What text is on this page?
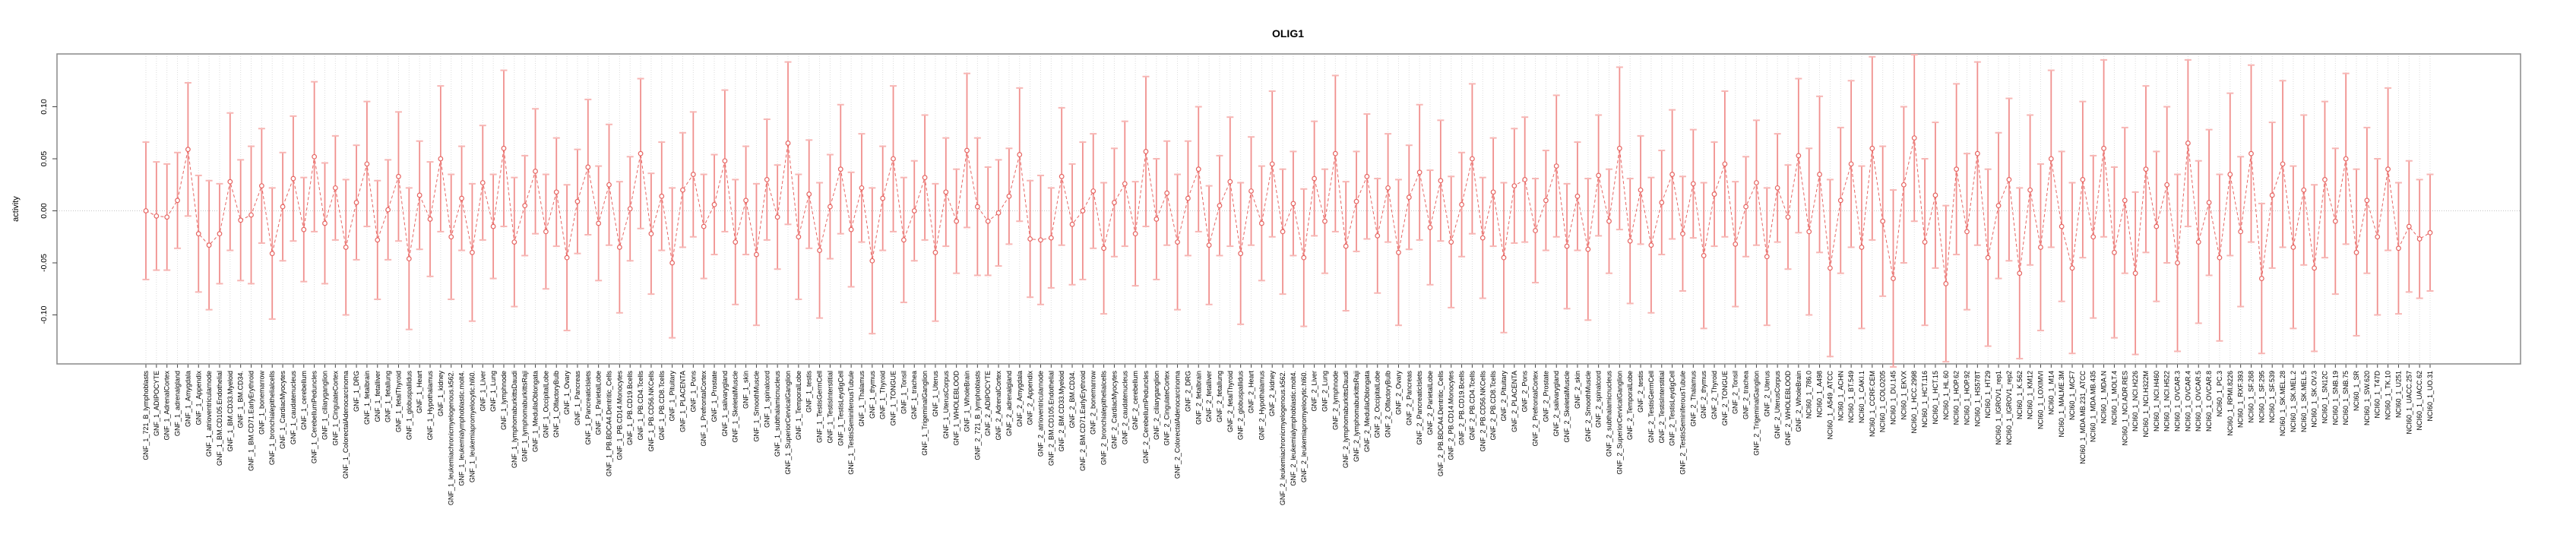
OLIG1
activity
GNF_1_721_B_lymphoblasts GNF_1_ADIPOCYTE GNF_1_AdrenalCortex GNF_1_adrenalgland GNF_1_Amygdala GNF_1_Appendix GNF_1_atrioventricularnode GNF_1_BM.CD105.Endothelial GNF_1_BM.CD33.Myeloid GNF_1_BM.CD34. GNF_1_BM.CD71.EarlyErythroid GNF_1_bonemarrow GNF_1_bronchialepithelialcells GNF_1_CardiacMyocytes GNF_1_caudatenucleus GNF_1_cerebellum GNF_1_CerebellumPeduncles GNF_1_ciliaryganglion GNF_1_CingulateCortex GNF_1_ColorectalAdenocarcinoma GNF_1_DRG GNF_1_fetalbrain GNF_1_fetalliver GNF_1_fetallung GNF_1_fetalThyroid GNF_1_globuspallidus GNF_1_Heart GNF_1_Hypothalamus GNF_1_kidney GNF_1_leukemiachronicmyelogenous.k562. GNF_1_leukemialymphoblastic.molt4. GNF_1_leukemiapromyelocytic.hl60. GNF_1_Liver GNF_1_Lung GNF_1_lymphnode GNF_1_lymphomaburkittsDaudi GNF_1_lymphomaburkittsRaji GNF_1_MedullaOblongata GNF_1_OccipitalLobe GNF_1_OlfactoryBulb GNF_1_Ovary GNF_1_Pancreas GNF_1_PancreaticIslets GNF_1_ParietalLobe GNF_1_PB.BDCA4.Dentritic_Cells GNF_1_PB.CD14.Monocytes GNF_1_PB.CD19.Bcells GNF_1_PB.CD4.Tcells GNF_1_PB.CD56.NKCells GNF_1_PB.CD8.Tcells GNF_1_Pituitary GNF_1_PLACENTA GNF_1_Pons GNF_1_PrefrontalCortex GNF_1_Prostate GNF_1_salivarygland GNF_1_SkeletalMuscle GNF_1_skin GNF_1_SmoothMuscle GNF_1_spinalcord GNF_1_subthalamicnucleus GNF_1_SuperiorCervicalGanglion GNF_1_TemporalLobe GNF_1_testis GNF_1_TestisGermCell GNF_1_TestisInterstitial GNF_1_TestisLeydigCell GNF_1_TestisSeminiferousTubule GNF_1_Thalamus GNF_1_thymus GNF_1_Thyroid GNF_1_TONGUE GNF_1_Tonsil GNF_1_trachea GNF_1_TrigeminalGanglion GNF_1_Uterus GNF_1_UterusCorpus GNF_1_WHOLEBLOOD GNF_1_WholeBrain GNF_2_721_B_lymphoblasts GNF_2_ADIPOCYTE GNF_2_AdrenalCortex GNF_2_adrenalgland GNF_2_Amygdala GNF_2_Appendix GNF_2_atrioventricularnode GNF_2_BM.CD105.Endothelial GNF_2_BM.CD33.Myeloid GNF_2_BM.CD34. GNF_2_BM.CD71.EarlyErythroid GNF_2_bonemarrow GNF_2_bronchialepithelialcells GNF_2_CardiacMyocytes GNF_2_caudatenucleus GNF_2_cerebellum GNF_2_CerebellumPeduncles GNF_2_ciliaryganglion GNF_2_CingulateCortex GNF_2_ColorectalAdenocarcinoma GNF_2_DRG GNF_2_fetalbrain GNF_2_fetalliver GNF_2_fetallung GNF_2_fetalThyroid GNF_2_globuspallidus GNF_2_Heart GNF_2_Hypothalamus GNF_2_kidney GNF_2_leukemiachronicmyelogenous.k562. GNF_2_leukemialymphoblastic.molt4. GNF_2_leukemiapromyelocytic.hl60. GNF_2_Liver GNF_2_Lung GNF_2_lymphnode GNF_2_lymphomaburkittsDaudi GNF_2_lymphomaburkittsRaji GNF_2_MedullaOblongata GNF_2_OccipitalLobe GNF_2_OlfactoryBulb GNF_2_Ovary GNF_2_Pancreas GNF_2_PancreaticIslets GNF_2_ParietalLobe GNF_2_PB.BDCA4.Dentritic_Cells GNF_2_PB.CD14.Monocytes GNF_2_PB.CD19.Bcells GNF_2_PB.CD4.Tcells GNF_2_PB.CD56.NKCells GNF_2_PB.CD8.Tcells GNF_2_Pituitary GNF_2_PLACENTA GNF_2_Pons GNF_2_PrefrontalCortex GNF_2_Prostate GNF_2_salivarygland GNF_2_SkeletalMuscle GNF_2_skin GNF_2_SmoothMuscle GNF_2_spinalcord GNF_2_subthalamicnucleus GNF_2_SuperiorCervicalGanglion GNF_2_TemporalLobe GNF_2_testis GNF_2_TestisGermCell GNF_2_TestisInterstitial GNF_2_TestisLeydigCell GNF_2_TestisSeminiferousTubule GNF_2_Thalamus GNF_2_thymus GNF_2_Thyroid GNF_2_TONGUE GNF_2_Tonsil GNF_2_trachea GNF_2_TrigeminalGanglion GNF_2_Uterus GNF_2_UterusCorpus GNF_2_WHOLEBLOOD GNF_2_WholeBrain NCI60_1_786.0 NCI60_1_A498 NCI60_1_A549_ATCC NCI60_1_ACHN NCI60_1_BT.549 NCI60_1_CAKI.1 NCI60_1_CCRF.CEM NCI60_1_COLO205 NCI60_1_DU.145 NCI60_1_EKVX NCI60_1_HCC.2998 NCI60_1_HCT.116 NCI60_1_HCT.15 NCI60_1_HL.60 NCI60_1_HOP.62 NCI60_1_HOP.92 NCI60_1_HS578T NCI60_1_HT29 NCI60_1_IGROV1_rep1 NCI60_1_IGROV1_rep2 NCI60_1_K.562 NCI60_1_KM12 NCI60_1_LOXIMVI NCI60_1_M14 NCI60_1_MALME.3M NCI60_1_MCF7 NCI60_1_MDA.MB.231_ATCC NCI60_1_MDA.MB.435 NCI60_1_MDA.N NCI60_1_MOLT.4 NCI60_1_NCI.ADR.RES NCI60_1_NCI.H226 NCI60_1_NCI.H322M NCI60_1_NCI.H460 NCI60_1_NCI.H522 NCI60_1_OVCAR.3 NCI60_1_OVCAR.4 NCI60_1_OVCAR.5 NCI60_1_OVCAR.8 NCI60_1_PC.3 NCI60_1_RPMI.8226 NCI60_1_RXF.393 NCI60_1_SF.268 NCI60_1_SF.295 NCI60_1_SF.539 NCI60_1_SK.MEL.28 NCI60_1_SK.MEL.2 NCI60_1_SK.MEL.5 NCI60_1_SK.OV.3 NCI60_1_SN12C NCI60_1_SNB.19 NCI60_1_SNB.75 NCI60_1_SR NCI60_1_SW.620 NCI60_1_T47D NCI60_1_TK.10 NCI60_1_U251 NCI60_1_UACC.257 NCI60_1_UACC.62 NCI60_1_UO.31
0.10
0.05
0.00
-0.05
-0.10
